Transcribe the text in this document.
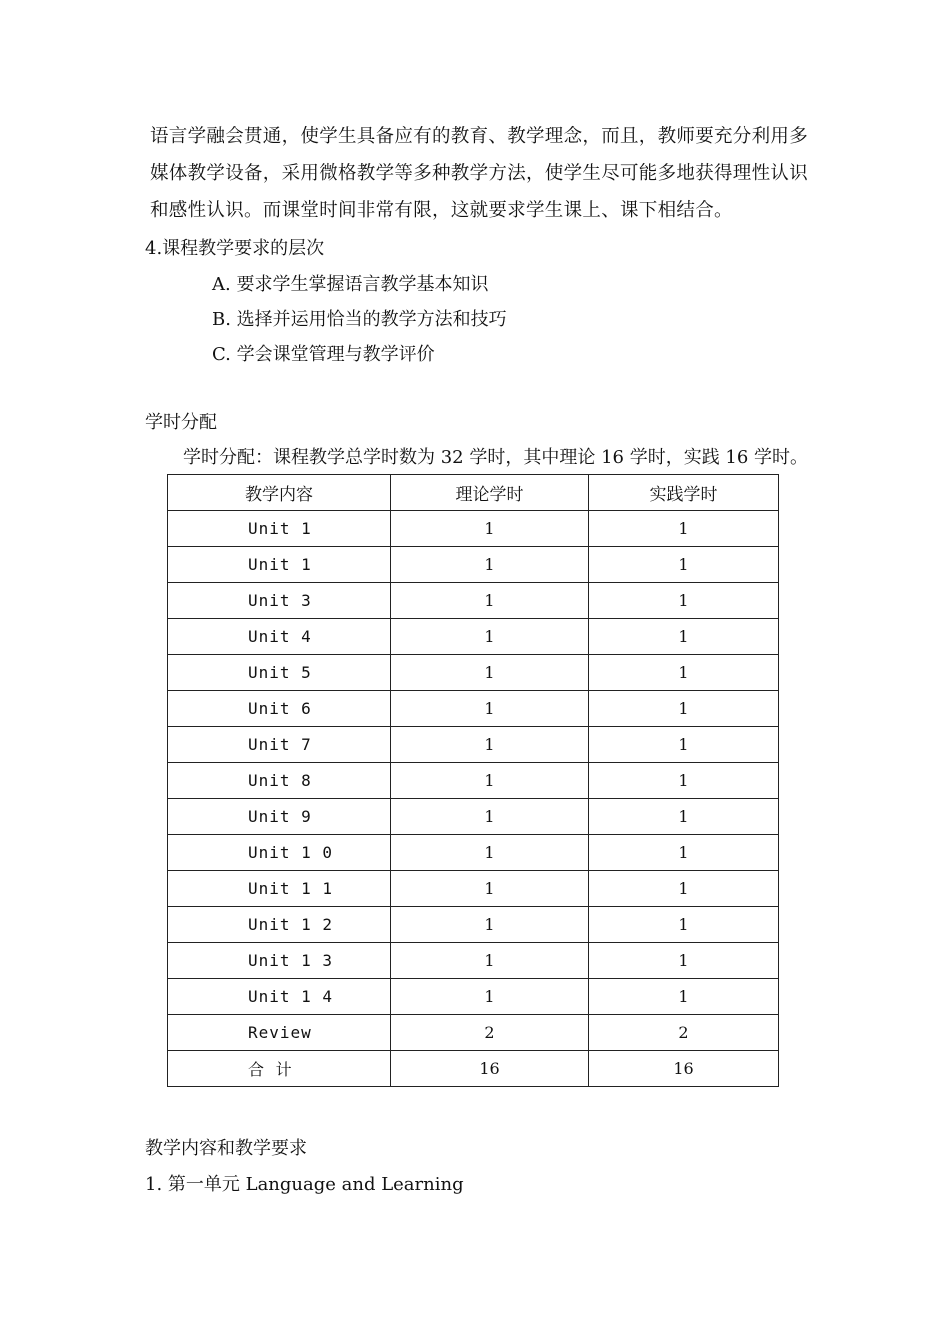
语言学融会贯通，使学生具备应有的教育、教学理念，而且，教师要充分利用多媒体教学设备，采用微格教学等多种教学方法，使学生尽可能多地获得理性认识和感性认识。而课堂时间非常有限，这就要求学生课上、课下相结合。
4.课程教学要求的层次
A. 要求学生掌握语言教学基本知识
B. 选择并运用恰当的教学方法和技巧
C. 学会课堂管理与教学评价
学时分配
学时分配：课程教学总学时数为 32 学时，其中理论 16 学时，实践 16 学时。
教学内容	理论学时	实践学时
Unit 1	1	1
Unit 1	1	1
Unit 3	1	1
Unit 4	1	1
Unit 5	1	1
Unit 6	1	1
Unit 7	1	1
Unit 8	1	1
Unit 9	1	1
Unit 1 0	1	1
Unit 1 1	1	1
Unit 1 2	1	1
Unit 1 3	1	1
Unit 1 4	1	1
Review	2	2
合 计	16	16
教学内容和教学要求
1. 第一单元 Language and Learning
